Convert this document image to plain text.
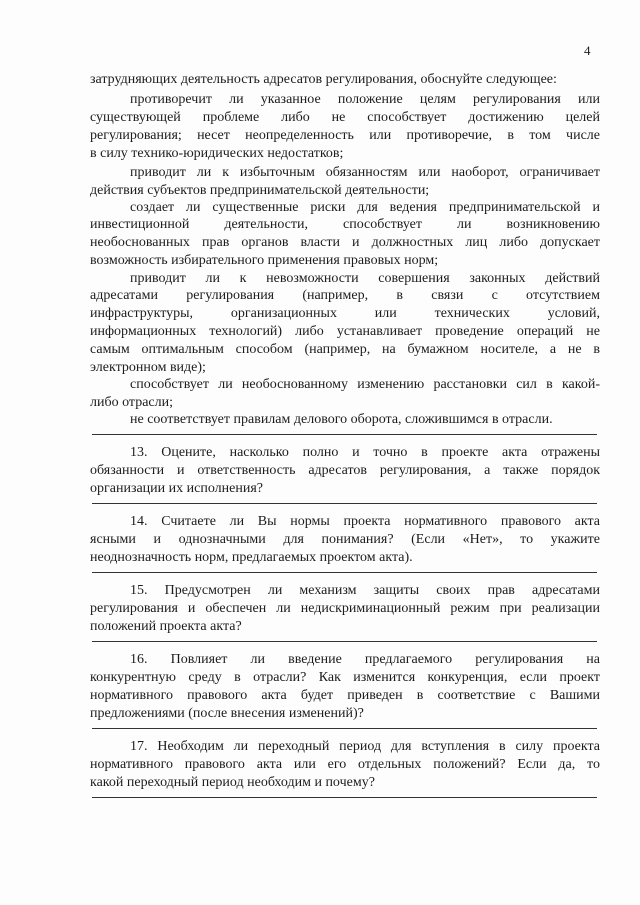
4
затрудняющих деятельность адресатов регулирования, обоснуйте следующее:
противоречит ли указанное положение целям регулирования или
существующей проблеме либо не способствует достижению целей
регулирования; несет неопределенность или противоречие, в том числе
в силу технико-юридических недостатков;
приводит ли к избыточным обязанностям или наоборот, ограничивает
действия субъектов предпринимательской деятельности;
создает ли существенные риски для ведения предпринимательской и
инвестиционной деятельности, способствует ли возникновению
необоснованных прав органов власти и должностных лиц либо допускает
возможность избирательного применения правовых норм;
приводит ли к невозможности совершения законных действий
адресатами регулирования (например, в связи с отсутствием
инфраструктуры, организационных или технических условий,
информационных технологий) либо устанавливает проведение операций не
самым оптимальным способом (например, на бумажном носителе, а не в
электронном виде);
способствует ли необоснованному изменению расстановки сил в какой-
либо отрасли;
не соответствует правилам делового оборота, сложившимся в отрасли.
13. Оцените, насколько полно и точно в проекте акта отражены
обязанности и ответственность адресатов регулирования, а также порядок
организации их исполнения?
14. Считаете ли Вы нормы проекта нормативного правового акта
ясными и однозначными для понимания? (Если «Нет», то укажите
неоднозначность норм, предлагаемых проектом акта).
15. Предусмотрен ли механизм защиты своих прав адресатами
регулирования и обеспечен ли недискриминационный режим при реализации
положений проекта акта?
16. Повлияет ли введение предлагаемого регулирования на
конкурентную среду в отрасли? Как изменится конкуренция, если проект
нормативного правового акта будет приведен в соответствие с Вашими
предложениями (после внесения изменений)?
17. Необходим ли переходный период для вступления в силу проекта
нормативного правового акта или его отдельных положений? Если да, то
какой переходный период необходим и почему?
